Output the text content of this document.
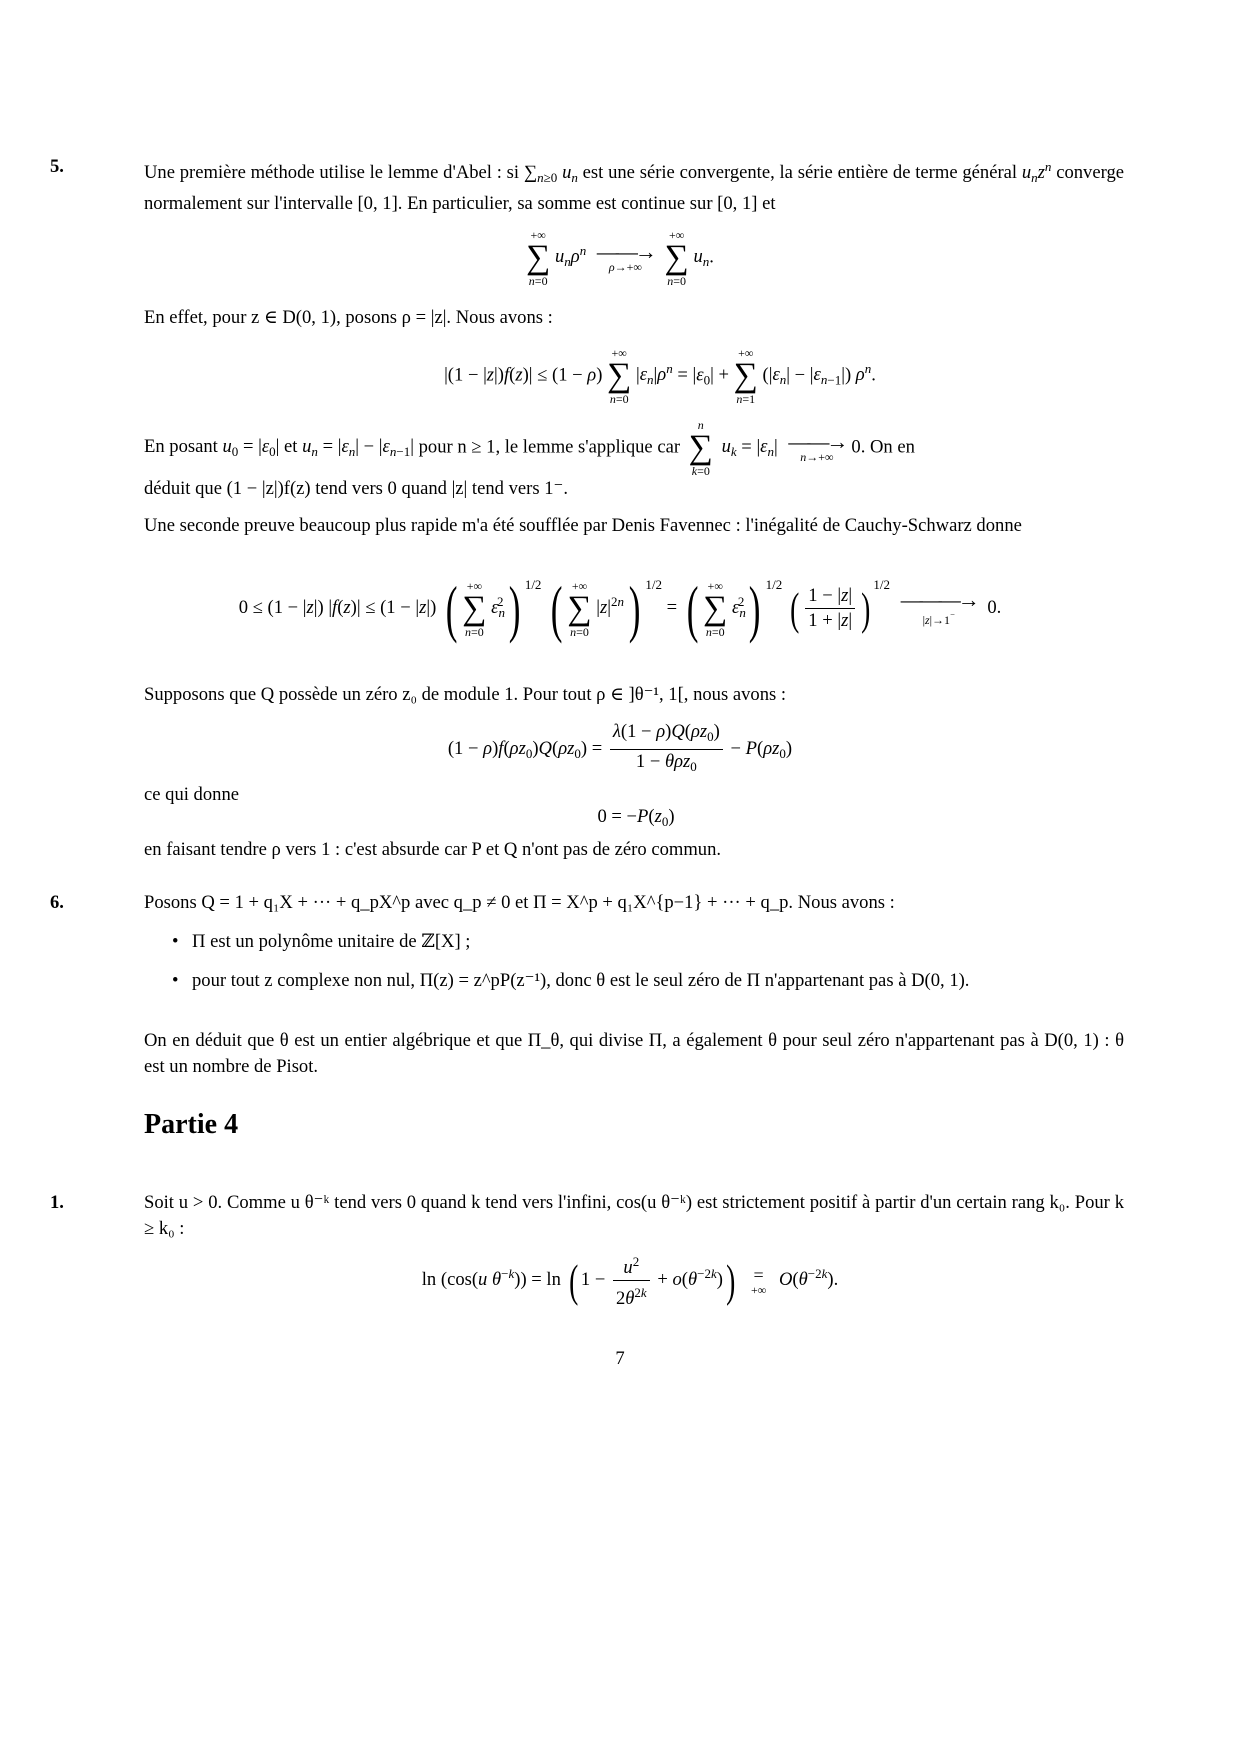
5.	Une première méthode utilise le lemme d'Abel : si $\sum_{n\ge 0}$ $u_n$ est une série convergente, la série entière de terme général $u_nz^n$ converge normalement sur l'intervalle [0, 1]. En particulier, sa somme est continue sur [0, 1] et

+∞
∑
n=0
$u_n\rho^n$ ——→
ρ→+∞

+∞
∑
n=0
$u_n$.
En effet, pour z ∈ D(0, 1), posons ρ = |z|. Nous avons :
|(1 − |z|)f(z)| ≤ (1 − ρ)
+∞
∑
n=0
$|\varepsilon_n|\rho^n = |\varepsilon_0|$ +
+∞
∑
n=1
$(|\varepsilon_n| - |\varepsilon_{n-1}|)$ $\rho^n$.
En posant $u_0 = |\varepsilon_0|$ et $u_n = |\varepsilon_n| - |\varepsilon_{n-1}|$ pour n ≥ 1, le lemme s'applique car
n
∑
k=0
$u_k = |\varepsilon_n|$ ——→
n→+∞ 0. On en
déduit que (1 − |z|)f(z) tend vers 0 quand |z| tend vers 1⁻.

Une seconde preuve beaucoup plus rapide m'a été soufflée par Denis Favennec : l'inégalité de Cauchy-Schwarz donne

0 ≤ (1 − |z|) |f(z)| ≤ (1 − |z|) ( +∞
∑
n=0
$\varepsilon_n^2$) $^{1/2}$ ( +∞
∑
n=0
$|z|^{2n}$) $^{1/2}$ = ( +∞
∑
n=0
$\varepsilon_n^2$) $^{1/2}$ ( $\frac{1 - |z|}{1 + |z|}$ ) $^{1/2}$
———→
|z|→1−	0.
Supposons que Q possède un zéro z₀ de module 1. Pour tout ρ ∈ ]θ⁻¹, 1[, nous avons :
$(1 - \rho)f(\rho z_0)Q(\rho z_0) = \frac{\lambda(1 - \rho)Q(\rho z_0)}{1 - \theta\rho z_0} - P(\rho z_0)$
ce qui donne
$0 = -P(z_0)$
en faisant tendre ρ vers 1 : c'est absurde car P et Q n'ont pas de zéro commun.
6.	Posons Q = 1 + q₁X + ··· + q_pX^p avec q_p ≠ 0 et Π = X^p + q₁X^{p−1} + ··· + q_p. Nous avons :
• Π est un polynôme unitaire de ℤ[X] ;
• pour tout z complexe non nul, Π(z) = z^pP(z⁻¹), donc θ est le seul zéro de Π n'appartenant pas à D(0, 1).

On en déduit que θ est un entier algébrique et que Π_θ, qui divise Π, a également θ pour seul zéro n'appartenant pas à D(0, 1) : θ est un nombre de Pisot.

Partie 4
1.	Soit u > 0. Comme u θ⁻ᵏ tend vers 0 quand k tend vers l'infini, cos(u θ⁻ᵏ) est strictement positif à partir d'un certain rang k₀. Pour k ≥ k₀ :

ln (cos(u $\theta^{-k})) = \ln$ ( $1 - \frac{u^2}{2\theta^{2k}} + o(\theta^{-2k})$) =
+∞ $O(\theta^{-2k})$.
7
